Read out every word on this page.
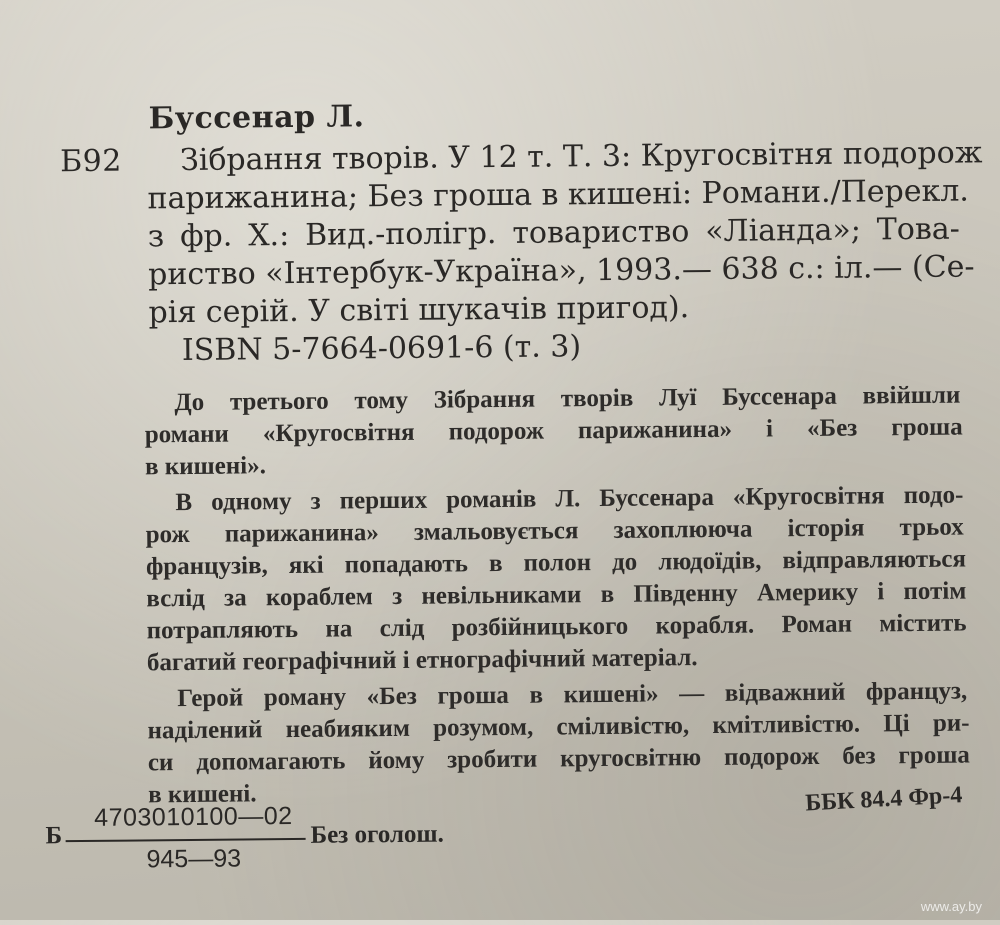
Буссенар Л.
Б92 Зібрання творів. У 12 т. Т. 3: Кругосвітня подорож
парижанина; Без гроша в кишені: Романи./Перекл.
з фр. Х.: Вид.-полігр. товариство «Ліанда»; Това-
риство «Інтербук-Україна», 1993.— 638 с.: іл.— (Се-
рія серій. У світі шукачів пригод).
ISBN 5-7664-0691-6 (т. 3)
До третього тому Зібрання творів Луї Буссенара ввійшли
романи «Кругосвітня подорож парижанина» і «Без гроша
в кишені».
В одному з перших романів Л. Буссенара «Кругосвітня подо-
рож парижанина» змальовується захоплююча історія трьох
французів, які попадають в полон до людоїдів, відправляються
вслід за кораблем з невільниками в Південну Америку і потім
потрапляють на слід розбійницького корабля. Роман містить
багатий географічний і етнографічний матеріал.
Герой роману «Без гроша в кишені» — відважний француз,
наділений неабияким розумом, сміливістю, кмітливістю. Ці ри-
си допомагають йому зробити кругосвітню подорож без гроша
в кишені.
Б
4703010100—02
945—93
Без оголош.
ББК 84.4 Фр-4
www.ay.by
